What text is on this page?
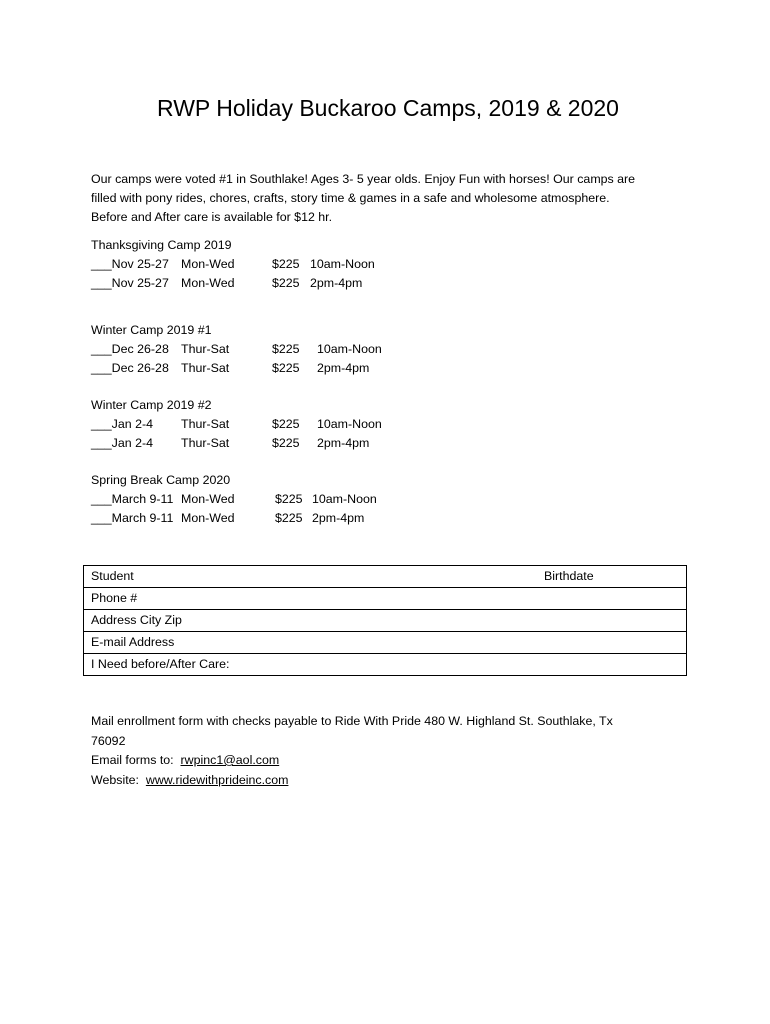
RWP Holiday Buckaroo Camps, 2019 & 2020

Our camps were voted #1 in Southlake! Ages 3- 5 year olds. Enjoy Fun with horses! Our camps are

filled with pony rides, chores, crafts, story time & games in a safe and wholesome atmosphere.

Before and After care is available for $12 hr.

Thanksgiving Camp 2019
___Nov 25-27 Mon-Wed	$225 10am-Noon
___Nov 25-27 Mon-Wed	$225 2pm-4pm
Winter Camp 2019 #1
___Dec 26-28 Thur-Sat	$225 10am-Noon
___Dec 26-28 Thur-Sat	$225 2pm-4pm
Winter Camp 2019 #2
___Jan 2-4 Thur-Sat	$225 10am-Noon
___Jan 2-4 Thur-Sat	$225 2pm-4pm
Spring Break Camp 2020
___March 9-11 Mon-Wed	$225 10am-Noon
___March 9-11 Mon-Wed	$225 2pm-4pm
Student	Birthdate

Phone #
Address City Zip
E-mail Address
I Need before/After Care:

Mail enrollment form with checks payable to Ride With Pride 480 W. Highland St. Southlake, Tx

76092

Email forms to:  rwpinc1@aol.com

Website:  www.ridewithprideinc.com
